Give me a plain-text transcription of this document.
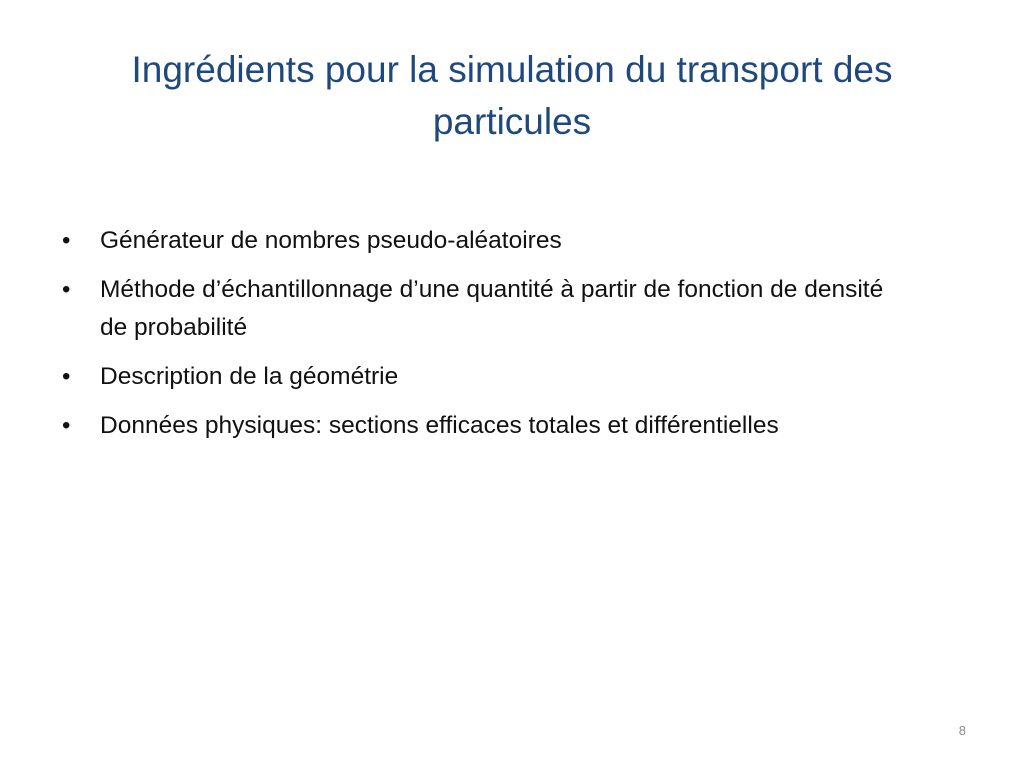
Ingrédients pour la simulation du transport des particules
• Générateur de nombres pseudo-aléatoires
• Méthode d’échantillonnage d’une quantité à partir de fonction de densité de probabilité
• Description de la géométrie
• Données physiques: sections efficaces totales et différentielles
8
